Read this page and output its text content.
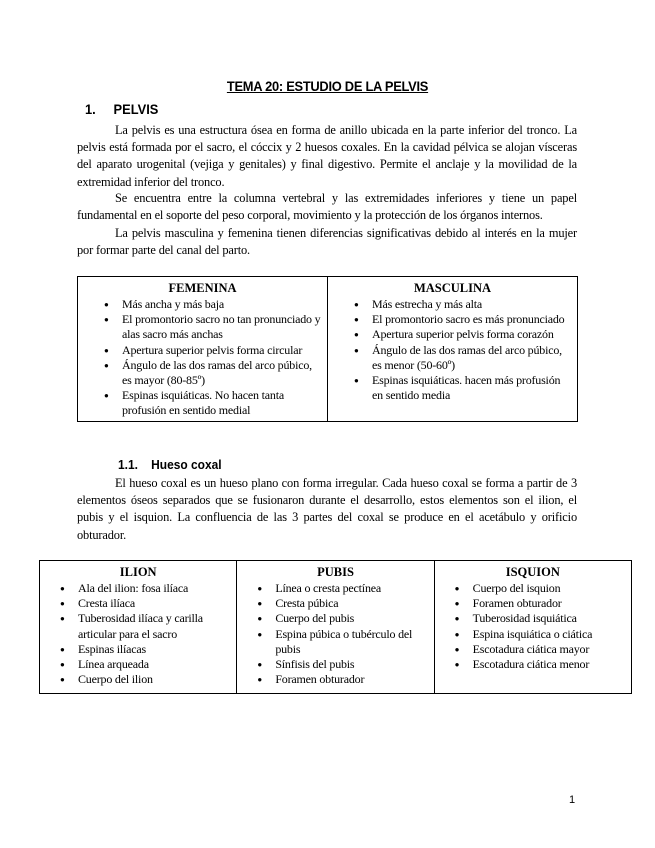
TEMA 20: ESTUDIO DE LA PELVIS
1. PELVIS
La pelvis es una estructura ósea en forma de anillo ubicada en la parte inferior del tronco. La pelvis está formada por el sacro, el cóccix y 2 huesos coxales. En la cavidad pélvica se alojan vísceras del aparato urogenital (vejiga y genitales) y final digestivo. Permite el anclaje y la movilidad de la extremidad inferior del tronco.
Se encuentra entre la columna vertebral y las extremidades inferiores y tiene un papel fundamental en el soporte del peso corporal, movimiento y la protección de los órganos internos.
La pelvis masculina y femenina tienen diferencias significativas debido al interés en la mujer por formar parte del canal del parto.
FEMENINA
● Más ancha y más baja
● El promontorio sacro no tan pronunciado y alas sacro más anchas
● Apertura superior pelvis forma circular
● Ángulo de las dos ramas del arco púbico, es mayor (80-85º)
● Espinas isquiáticas. No hacen tanta profusión en sentido medial

MASCULINA
● Más estrecha y más alta
● El promontorio sacro es más pronunciado
● Apertura superior pelvis forma corazón
● Ángulo de las dos ramas del arco púbico, es menor (50-60º)
● Espinas isquiáticas. hacen más profusión en sentido media
1.1. Hueso coxal
El hueso coxal es un hueso plano con forma irregular. Cada hueso coxal se forma a partir de 3 elementos óseos separados que se fusionaron durante el desarrollo, estos elementos son el ilion, el pubis y el isquion. La confluencia de las 3 partes del coxal se produce en el acetábulo y orificio obturador.
ILION
● Ala del ilion: fosa ilíaca
● Cresta ilíaca
● Tuberosidad ilíaca y carilla articular para el sacro
● Espinas ilíacas
● Línea arqueada
● Cuerpo del ilion

PUBIS
● Línea o cresta pectínea
● Cresta púbica
● Cuerpo del pubis
● Espina púbica o tubérculo del pubis
● Sínfisis del pubis
● Foramen obturador

ISQUION
● Cuerpo del isquion
● Foramen obturador
● Tuberosidad isquiática
● Espina isquiática o ciática
● Escotadura ciática mayor
● Escotadura ciática menor
1
